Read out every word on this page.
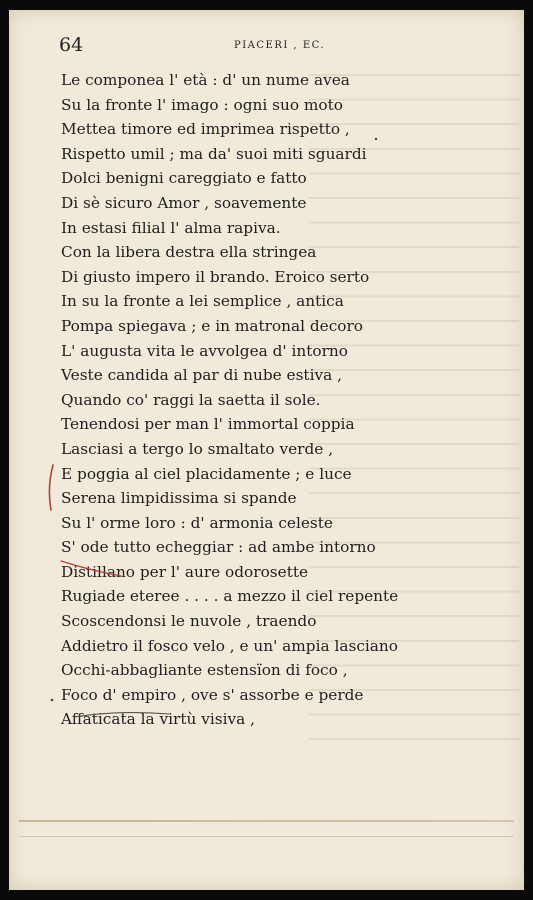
64	PIACERI , EC.
Le componea l' età : d' un nume avea
Su la fronte l' imago : ogni suo moto
Mettea timore ed imprimea rispetto ,
Rispetto umil ; ma da' suoi miti sguardi
Dolci benigni careggiato e fatto
Di sè sicuro Amor , soavemente
In estasi filial l' alma rapiva.
Con la libera destra ella stringea
Di giusto impero il brando. Eroico serto
In su la fronte a lei semplice , antica
Pompa spiegava ; e in matronal decoro
L' augusta vita le avvolgea d' intorno
Veste candida al par di nube estiva ,
Quando co' raggi la saetta il sole.
Tenendosi per man l' immortal coppia
Lasciasi a tergo lo smaltato verde ,
E poggia al ciel placidamente ; e luce
Serena limpidissima si spande
Su l' orme loro : d' armonia celeste
S' ode tutto echeggiar : ad ambe intorno
Distillano per l' aure odorosette
Rugiade eteree . . . . a mezzo il ciel repente
Scoscendonsi le nuvole , traendo
Addietro il fosco velo , e un' ampia lasciano
Occhi-abbagliante estensïon di foco ,
Foco d' empiro , ove s' assorbe e perde
Affaticata la virtù visiva ,
